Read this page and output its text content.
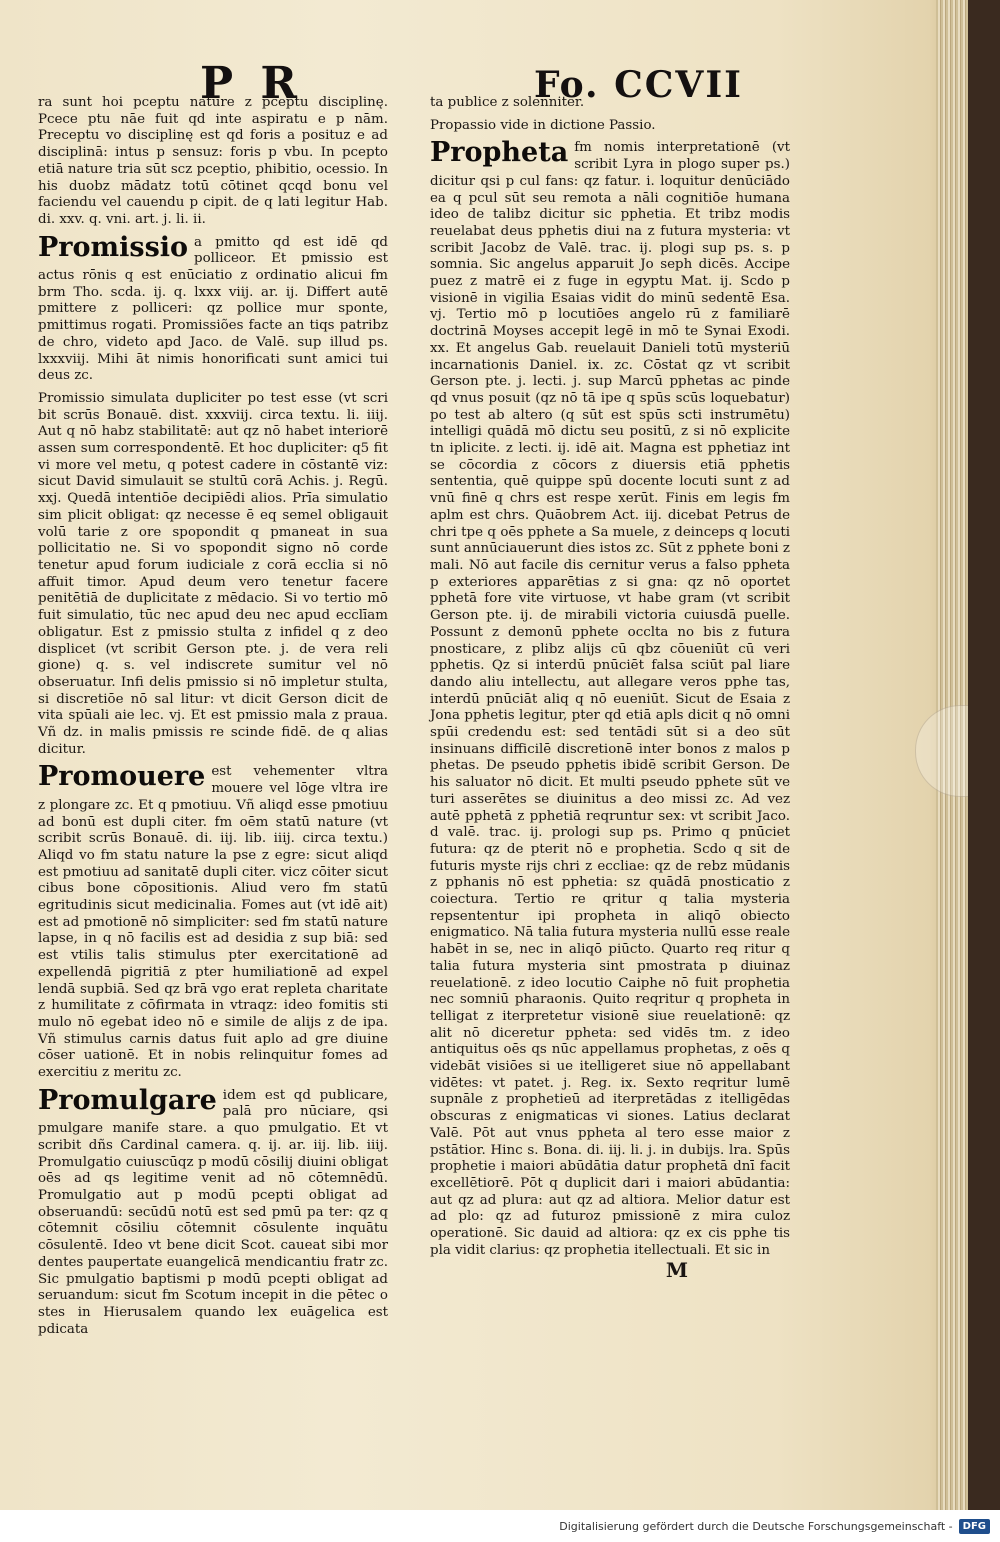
P R	Fo. CCVII
ra sunt hoi pceptu nature z pceptu disciplinę. Pcece ptu nāe fuit qd inte aspiratu e p nām. Preceptu vo disciplinę est qd foris a posituz e ad disciplinā: intus p sensuz: foris p vbu. In pcepto etiā nature tria sūt scz pceptio, phibitio, ocessio. In his duobz mādatz totū cōtinet qcqd bonu vel faciendu vel cauendu p cipit. de q lati legitur Hab. di. xxv. q. vni. art. j. li. ii.
Promissio a pmitto qd est idē qd polliceor. Et pmissio est actus rōnis q est enūciatio z ordinatio alicui fm brm Tho. scda. ij. q. lxxx viij. ar. ij. Differt autē pmittere z polliceri: qz pollice mur sponte, pmittimus rogati. Promissiões facte an tiqs patribz de chro, videto apd Jaco. de Valē. sup illud ps. lxxxviij. Mihi āt nimis honorificati sunt amici tui deus zc.
Promissio simulata dupliciter po test esse (vt scri bit scrūs Bonauē. dist. xxxviij. circa textu. li. iiij. Aut q nō habz stabilitatē: aut qz nō habet interiorē assen sum correspondentē. Et hoc dupliciter: q5 fit vi more vel metu, q potest cadere in cōstantē viz: sicut David simulauit se stultū corā Achis. j. Regū. xxj. Quedā intentiōe decipiēdi alios. Prīa simulatio sim plicit obligat: qz necesse ē eq semel obligauit volū tarie z ore spopondit q pmaneat in sua pollicitatio ne. Si vo spopondit signo nō corde tenetur apud forum iudiciale z corā ecclia si nō affuit timor. Apud deum vero tenetur facere penitētiā de duplicitate z mēdacio. Si vo tertio mō fuit simulatio, tūc nec apud deu nec apud ecclīam obligatur. Est z pmissio stulta z infidel q z deo displicet (vt scribit Gerson pte. j. de vera reli gione) q. s. vel indiscrete sumitur vel nō obseruatur. Infi delis pmissio si nō impletur stulta, si discretiōe nō sal litur: vt dicit Gerson dicit de vita spūali aie lec. vj. Et est pmissio mala z praua. Vñ dz. in malis pmissis re scinde fidē. de q alias dicitur.
Promouere est vehementer vltra mouere vel lōge vltra ire z plongare zc. Et q pmotiuu. Vñ aliqd esse pmotiuu ad bonū est dupli citer. fm oēm statū nature (vt scribit scrūs Bonauē. di. iij. lib. iiij. circa textu.) Aliqd vo fm statu nature la pse z egre: sicut aliqd est pmotiuu ad sanitatē dupli citer. vicz cōiter sicut cibus bone cōpositionis. Aliud vero fm statū egritudinis sicut medicinalia. Fomes aut (vt idē ait) est ad pmotionē nō simpliciter: sed fm statū nature lapse, in q nō facilis est ad desidia z sup biā: sed est vtilis talis stimulus pter exercitationē ad expellendā pigritiā z pter humiliationē ad expel lendā supbiā. Sed qz brā vgo erat repleta charitate z humilitate z cōfirmata in vtraqz: ideo fomitis sti mulo nō egebat ideo nō e simile de alijs z de ipa. Vñ stimulus carnis datus fuit aplo ad gre diuine cōser uationē. Et in nobis relinquitur fomes ad exercitiu z meritu zc.
Promulgare idem est qd publicare, palā pro nūciare, qsi pmulgare manife stare. a quo pmulgatio. Et vt scribit dñs Cardinal camera. q. ij. ar. iij. lib. iiij. Promulgatio cuiuscūqz p modū cōsilij diuini obligat oēs ad qs legitime venit ad nō cōtemnēdū. Promulgatio aut p modū pcepti obligat ad obseruandū: secūdū notū est sed pmū pa ter: qz q cōtemnit cōsiliu cōtemnit cōsulente inquātu cōsulentē. Ideo vt bene dicit Scot. caueat sibi mor dentes paupertate euangelicā mendicantiu fratr zc. Sic pmulgatio baptismi p modū pcepti obligat ad seruandum: sicut fm Scotum incepit in die pētec o stes in Hierusalem quando lex euāgelica est pdicata
ta publice z solenniter.
Propassio vide in dictione Passio.
Propheta fm nomis interpretationē (vt scribit Lyra in plogo super ps.) dicitur qsi p cul fans: qz fatur. i. loquitur denūciādo ea q pcul sūt seu remota a nāli cognitiōe humana ideo de talibz dicitur sic pphetia. Et tribz modis reuelabat deus pphetis diui na z futura mysteria: vt scribit Jacobz de Valē. trac. ij. plogi sup ps. s. p somnia. Sic angelus apparuit Jo seph dicēs. Accipe puez z matrē ei z fuge in egyptu Mat. ij. Scdo p visionē in vigilia Esaias vidit do minū sedentē Esa. vj. Tertio mō p locutiōes angelo rū z familiarē doctrinā Moyses accepit legē in mō te Synai Exodi. xx. Et angelus Gab. reuelauit Danieli totū mysteriū incarnationis Daniel. ix. zc. Cōstat qz vt scribit Gerson pte. j. lecti. j. sup Marcū pphetas ac pinde qd vnus posuit (qz nō tā ipe q spūs scūs loquebatur) po test ab altero (q sūt est spūs scti instrumētu) intelligi quādā mō dictu seu positū, z si nō explicite tn iplicite. z lecti. ij. idē ait. Magna est pphetiaz int se cōcordia z cōcors z diuersis etiā pphetis sententia, quē quippe spū docente locuti sunt z ad vnū finē q chrs est respe xerūt. Finis em legis fm aplm est chrs. Quāobrem Act. iij. dicebat Petrus de chri tpe q oēs pphete a Sa muele, z deinceps q locuti sunt annūciauerunt dies istos zc. Sūt z pphete boni z mali. Nō aut facile dis cernitur verus a falso ppheta p exteriores apparētias z si gna: qz nō oportet pphetā fore vite virtuose, vt habe gram (vt scribit Gerson pte. ij. de mirabili victoria cuiusdā puelle. Possunt z demonū pphete occlta no bis z futura pnosticare, z plibz alijs cū qbz cōueniūt cū veri pphetis. Qz si interdū pnūciēt falsa sciūt pal liare dando aliu intellectu, aut allegare veros pphe tas, interdū pnūciāt aliq q nō eueniūt. Sicut de Esaia z Jona pphetis legitur, pter qd etiā apls dicit q nō omni spūi credendu est: sed tentādi sūt si a deo sūt insinuans difficilē discretionē inter bonos z malos p phetas. De pseudo pphetis ibidē scribit Gerson. De his saluator nō dicit. Et multi pseudo pphete sūt ve turi asserētes se diuinitus a deo missi zc. Ad vez autē pphetā z pphetiā reqruntur sex: vt scribit Jaco. d valē. trac. ij. prologi sup ps. Primo q pnūciet futura: qz de pterit nō e prophetia. Scdo q sit de futuris myste rijs chri z eccliae: qz de rebz mūdanis z pphanis nō est pphetia: sz quādā pnosticatio z coiectura. Tertio re qritur q talia mysteria repsententur ipi propheta in aliqō obiecto enigmatico. Nā talia futura mysteria nullū esse reale habēt in se, nec in aliqō piūcto. Quarto req ritur q talia futura mysteria sint pmostrata p diuinaz reuelationē. z ideo locutio Caiphe nō fuit prophetia nec somniū pharaonis. Quito reqritur q propheta in telligat z iterpretetur visionē siue reuelationē: qz alit nō diceretur ppheta: sed vidēs tm. z ideo antiquitus oēs qs nūc appellamus prophetas, z oēs q videbāt visiōes si ue itelligeret siue nō appellabant vidētes: vt patet. j. Reg. ix. Sexto reqritur lumē supnāle z prophetieū ad iterpretādas z itelligēdas obscuras z enigmaticas vi siones. Latius declarat Valē. Pōt aut vnus ppheta al tero esse maior z pstātior. Hinc s. Bona. di. iij. li. j. in dubijs. lra. Spūs prophetie i maiori abūdātia datur prophetā dnī facit excellētiorē. Pōt q duplicit dari i maiori abūdantia: aut qz ad plura: aut qz ad altiora. Melior datur est ad plo: qz ad futuroz pmissionē z mira culoz operationē. Sic dauid ad altiora: qz ex cis pphe tis pla vidit clarius: qz prophetia itellectuali. Et sic in
M
Digitalisierung gefördert durch die Deutsche Forschungsgemeinschaft -	DFG
